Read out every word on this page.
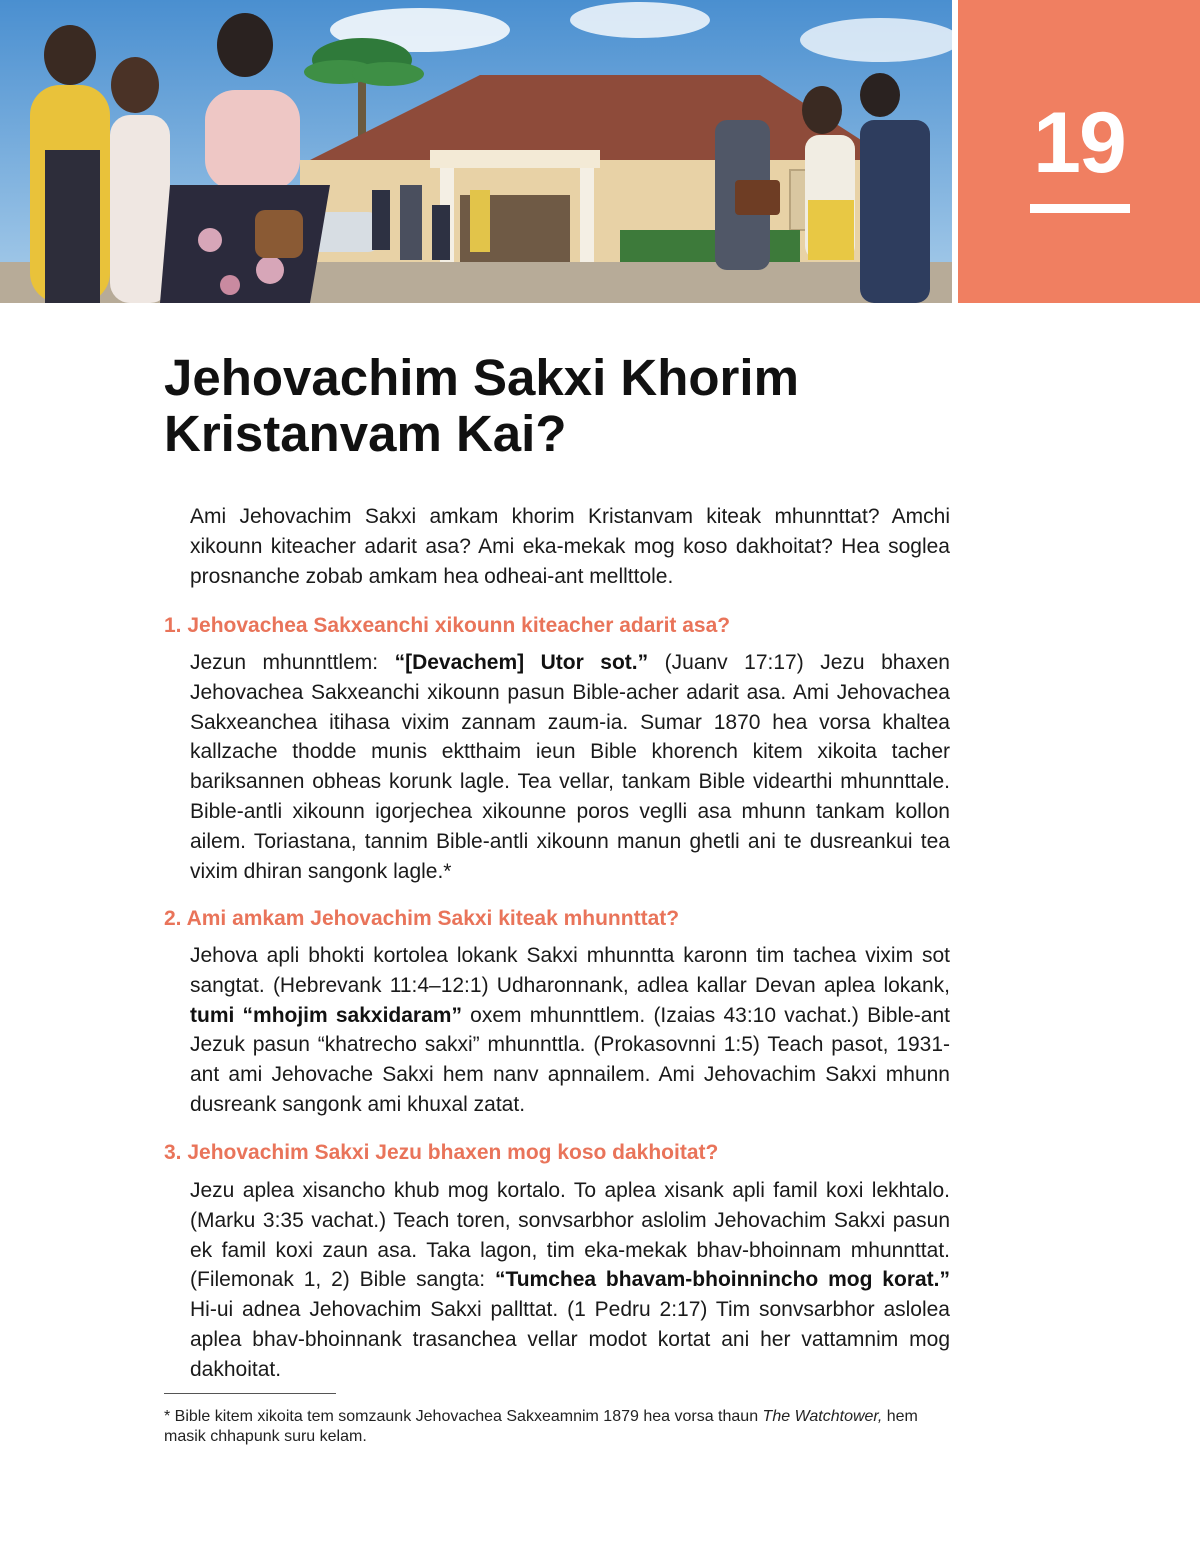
19
Jehovachim Sakxi Khorim
Kristanvam Kai?

Ami Jehovachim Sakxi amkam khorim Kristanvam kiteak mhunnttat? Amchi xikounn kiteacher adarit asa? Ami eka-mekak mog koso dakhoitat? Hea soglea prosnanche zobab amkam hea odheai-ant mellttole.

1. Jehovachea Sakxeanchi xikounn kiteacher adarit asa?

Jezun mhunnttlem: “[Devachem] Utor sot.” (Juanv 17:17) Jezu bhaxen Jehovachea Sakxeanchi xikounn pasun Bible-acher adarit asa. Ami Jehovachea Sakxeanchea itihasa vixim zannam zaum-ia. Sumar 1870 hea vorsa khaltea kallzache thodde munis ektthaim ieun Bible khorench kitem xikoita tacher bariksannen obheas korunk lagle. Tea vellar, tankam Bible videarthi mhunnttale. Bible-antli xikounn igorjechea xikounne poros veglli asa mhunn tankam kollon ailem. Toriastana, tannim Bible-antli xikounn manun ghetli ani te dusreankui tea vixim dhiran sangonk lagle.*

2. Ami amkam Jehovachim Sakxi kiteak mhunnttat?

Jehova apli bhokti kortolea lokank Sakxi mhunntta karonn tim tachea vixim sot sangtat. (Hebrevank 11:4–12:1) Udharonnank, adlea kallar Devan aplea lokank, tumi “mhojim sakxidaram” oxem mhunnttlem. (Izaias 43:10 vachat.) Bible-ant Jezuk pasun “khatrecho sakxi” mhunnttla. (Prokasovnni 1:5) Teach pasot, 1931-ant ami Jehovache Sakxi hem nanv apnnailem. Ami Jehovachim Sakxi mhunn dusreank sangonk ami khuxal zatat.

3. Jehovachim Sakxi Jezu bhaxen mog koso dakhoitat?

Jezu aplea xisancho khub mog kortalo. To aplea xisank apli famil koxi lekhtalo. (Marku 3:35 vachat.) Teach toren, sonvsarbhor aslolim Jehovachim Sakxi pasun ek famil koxi zaun asa. Taka lagon, tim eka-mekak bhav-bhoinnam mhunnttat. (Filemonak 1, 2) Bible sangta: “Tumchea bhavam-bhoinnincho mog korat.” Hi-ui adnea Jehovachim Sakxi pallttat. (1 Pedru 2:17) Tim sonvsarbhor aslolea aplea bhav-bhoinnank trasanchea vellar modot kortat ani her vattamnim mog dakhoitat.

* Bible kitem xikoita tem somzaunk Jehovachea Sakxeamnim 1879 hea vorsa thaun The Watchtower, hem masik chhapunk suru kelam.
